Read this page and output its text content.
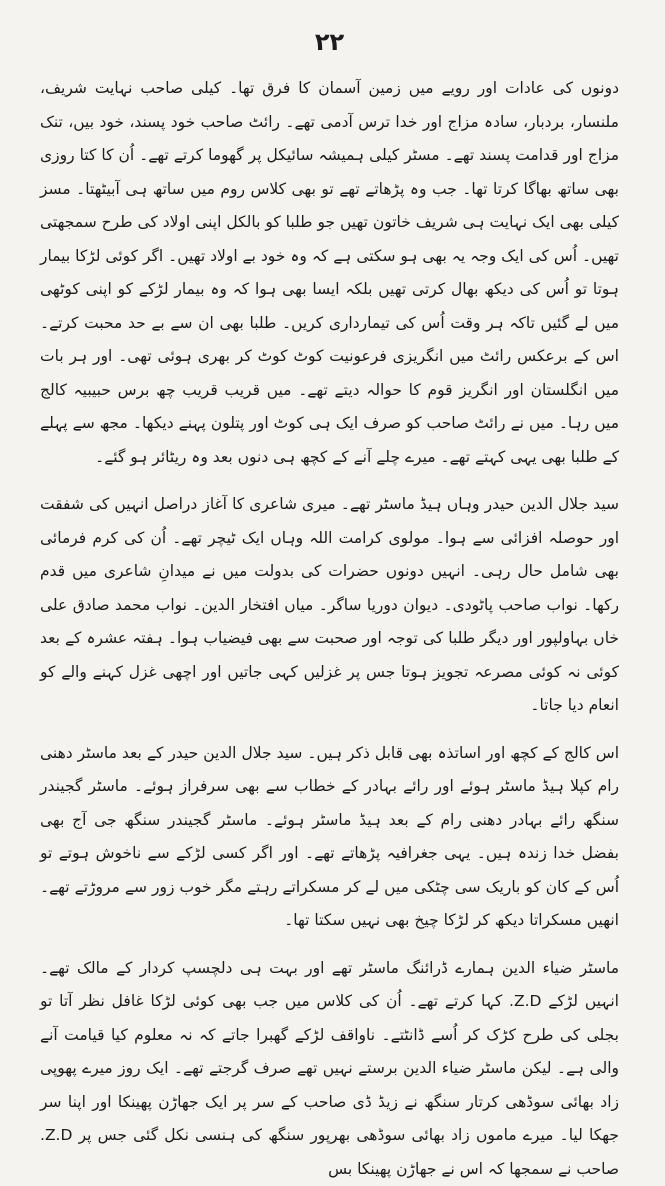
۲۲

دونوں کی عادات اور رویے میں زمین آسمان کا فرق تھا۔ کیلی صاحب نہایت شریف، ملنسار، بردبار، سادہ مزاج اور خدا ترس آدمی تھے۔ رائٹ صاحب خود پسند، خود بیں، تنک مزاج اور قدامت پسند تھے۔ مسٹر کیلی ہمیشہ سائیکل پر گھوما کرتے تھے۔ اُن کا کتا روزی بھی ساتھ بھاگا کرتا تھا۔ جب وہ پڑھاتے تھے تو بھی کلاس روم میں ساتھ ہی آبیٹھتا۔ مسز کیلی بھی ایک نہایت ہی شریف خاتون تھیں جو طلبا کو بالکل اپنی اولاد کی طرح سمجھتی تھیں۔ اُس کی ایک وجہ یہ بھی ہو سکتی ہے کہ وہ خود بے اولاد تھیں۔ اگر کوئی لڑکا بیمار ہوتا تو اُس کی دیکھ بھال کرتی تھیں بلکہ ایسا بھی ہوا کہ وہ بیمار لڑکے کو اپنی کوٹھی میں لے گئیں تاکہ ہر وقت اُس کی تیمارداری کریں۔ طلبا بھی ان سے بے حد محبت کرتے۔ اس کے برعکس رائٹ میں انگریزی فرعونیت کوٹ کوٹ کر بھری ہوئی تھی۔ اور ہر بات میں انگلستان اور انگریز قوم کا حوالہ دیتے تھے۔ میں قریب قریب چھ برس حبیبیہ کالج میں رہا۔ میں نے رائٹ صاحب کو صرف ایک ہی کوٹ اور پتلون پہنے دیکھا۔ مجھ سے پہلے کے طلبا بھی یہی کہتے تھے۔ میرے چلے آنے کے کچھ ہی دنوں بعد وہ ریٹائر ہو گئے۔

سید جلال الدین حیدر وہاں ہیڈ ماسٹر تھے۔ میری شاعری کا آغاز دراصل انہیں کی شفقت اور حوصلہ افزائی سے ہوا۔ مولوی کرامت اللہ وہاں ایک ٹیچر تھے۔ اُن کی کرم فرمائی بھی شامل حال رہی۔ انہیں دونوں حضرات کی بدولت میں نے میدانِ شاعری میں قدم رکھا۔ نواب صاحب پاٹودی۔ دیوان دوریا ساگر۔ میاں افتخار الدین۔ نواب محمد صادق علی خاں بہاولپور اور دیگر طلبا کی توجہ اور صحبت سے بھی فیضیاب ہوا۔ ہفتہ عشرہ کے بعد کوئی نہ کوئی مصرعہ تجویز ہوتا جس پر غزلیں کہی جاتیں اور اچھی غزل کہنے والے کو انعام دیا جاتا۔

اس کالج کے کچھ اور اساتذہ بھی قابل ذکر ہیں۔ سید جلال الدین حیدر کے بعد ماسٹر دھنی رام کپلا ہیڈ ماسٹر ہوئے اور رائے بہادر کے خطاب سے بھی سرفراز ہوئے۔ ماسٹر گجیندر سنگھ رائے بہادر دھنی رام کے بعد ہیڈ ماسٹر ہوئے۔ ماسٹر گجیندر سنگھ جی آج بھی بفضل خدا زندہ ہیں۔ یہی جغرافیہ پڑھاتے تھے۔ اور اگر کسی لڑکے سے ناخوش ہوتے تو اُس کے کان کو باریک سی چٹکی میں لے کر مسکراتے رہتے مگر خوب زور سے مروڑتے تھے۔ انھیں مسکراتا دیکھ کر لڑکا چیخ بھی نہیں سکتا تھا۔

ماسٹر ضیاء الدین ہمارے ڈرائنگ ماسٹر تھے اور بہت ہی دلچسپ کردار کے مالک تھے۔ انہیں لڑکے Z.D. کہا کرتے تھے۔ اُن کی کلاس میں جب بھی کوئی لڑکا غافل نظر آتا تو بجلی کی طرح کڑک کر اُسے ڈانٹتے۔ ناواقف لڑکے گھبرا جاتے کہ نہ معلوم کیا قیامت آنے والی ہے۔ لیکن ماسٹر ضیاء الدین برستے نہیں تھے صرف گرجتے تھے۔ ایک روز میرے پھوپی زاد بھائی سوڈھی کرتار سنگھ نے زیڈ ڈی صاحب کے سر پر ایک جھاڑن پھینکا اور اپنا سر جھکا لیا۔ میرے ماموں زاد بھائی سوڈھی بھرپور سنگھ کی ہنسی نکل گئی جس پر Z.D. صاحب نے سمجھا کہ اس نے جھاڑن پھینکا بس
